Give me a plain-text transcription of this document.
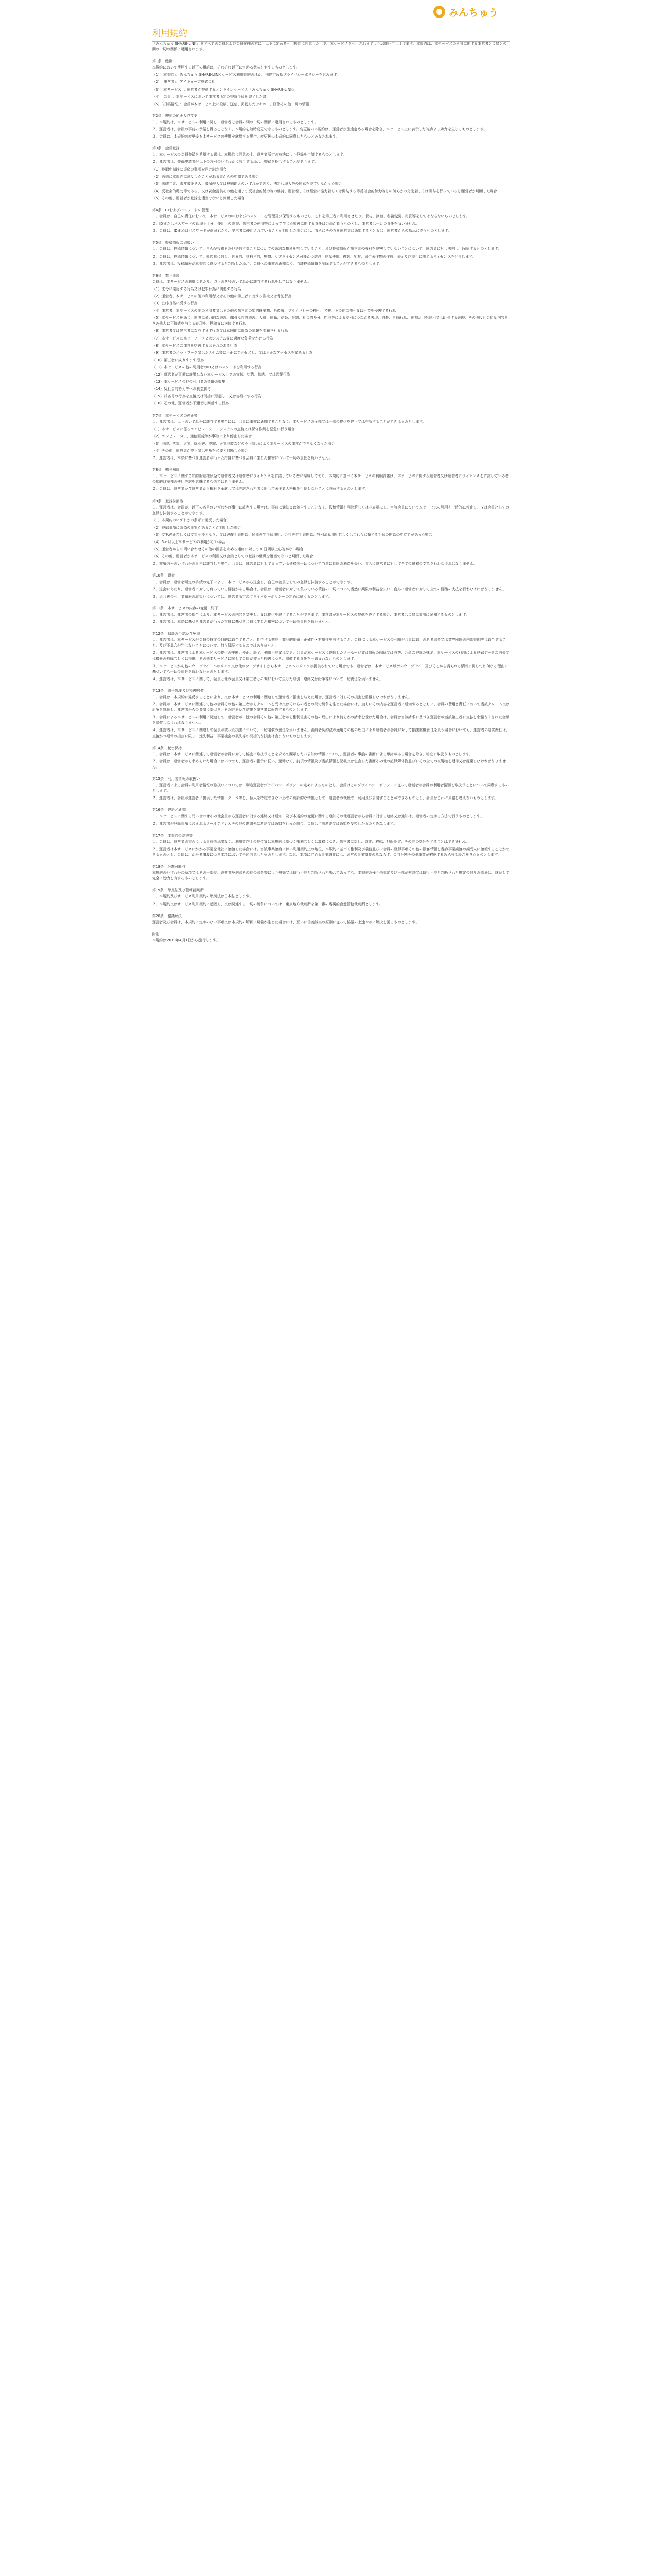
みんちゅう
利用規約

「みんちゅう SHARE-LINK」をすべての会員および会員候補の方に、以下に定める利用規約に同意した上で、本サービスを利用されますようお願い申し上げます。本規約は、本サービスの利用に関する運営者と会員との間の一切の関係に適用されます。

第1条　総則

本規約において使用する以下の用語は、それぞれ以下に定める意味を有するものとします。

（1）「本規約」：みんちゅう SHARE-LINK サービス利用規約のほか、別途定めるプライバシーポリシーを含みます。

（2）「運営者」：アイキューブ株式会社

（3）「本サービス」：運営者が提供するオンラインサービス「みんちゅう SHARE-LINK」

（4）「会員」：本サービスにおいて運営者所定の登録手続を完了した者

（5）「投稿情報」：会員が本サービス上に投稿、送信、掲載したテキスト、画像その他一切の情報

第2条　規約の範囲及び変更

１．本規約は、本サービスの利用に関し、運営者と会員の間の一切の関係に適用されるものとします。

２．運営者は、会員の事前の承諾を得ることなく、本規約を随時変更できるものとします。変更後の本規約は、運営者が別途定める場合を除き、本サービス上に表示した時点より効力を生じるものとします。

３．会員は、本規約の変更後も本サービスの使用を継続する場合、変更後の本規約に同意したものとみなされます。

第3条　会員登録

１．本サービスの会員登録を希望する者は、本規約に同意の上、運営者所定の方法により登録を申請するものとします。

２．運営者は、登録申請者が以下の各号のいずれかに該当する場合、登録を拒否することがあります。

（1）登録申請時に虚偽の事項を届け出た場合

（2）過去に本規約に違反したことがある者からの申請である場合

（3）未成年者、成年被後見人、被保佐人又は被補助人のいずれかであり、法定代理人等の同意を得ていなかった場合

（4）反社会的勢力等である、又は資金提供その他を通じて反社会的勢力等の維持、運営若しくは経営に協力若しくは関与する等反社会的勢力等との何らかの交流若しくは関与を行っていると運営者が判断した場合

（5）その他、運営者が登録を適当でないと判断した場合

第4条　IDおよびパスワードの管理

１．会員は、自己の責任において、本サービスのIDおよびパスワードを管理及び保管するものとし、これを第三者に利用させたり、貸与、譲渡、名義変更、売買等をしてはならないものとします。

２．IDまたはパスワードの管理不十分、使用上の過誤、第三者の使用等によって生じた損害に関する責任は会員が負うものとし、運営者は一切の責任を負いません。

３．会員は、IDまたはパスワードが盗まれたり、第三者に使用されていることが判明した場合には、直ちにその旨を運営者に通知するとともに、運営者からの指示に従うものとします。

第5条　投稿情報の取扱い

１．会員は、投稿情報について、自らが投稿その他送信することについての適法な権利を有していること、及び投稿情報が第三者の権利を侵害していないことについて、運営者に対し表明し、保証するものとします。

２．会員は、投稿情報について、運営者に対し、世界的、非独占的、無償、サブライセンス可能かつ譲渡可能な使用、複製、配布、派生著作物の作成、表示及び実行に関するライセンスを付与します。

３．運営者は、投稿情報が本規約に違反すると判断した場合、会員への事前の通知なく、当該投稿情報を削除することができるものとします。

第6条　禁止事項

会員は、本サービスの利用にあたり、以下の各号のいずれかに該当する行為をしてはなりません。

（1）法令に違反する行為又は犯罪行為に関連する行為

（2）運営者、本サービスの他の利用者又はその他の第三者に対する詐欺又は脅迫行為

（3）公序良俗に反する行為

（4）運営者、本サービスの他の利用者又はその他の第三者の知的財産権、肖像権、プライバシーの権利、名誉、その他の権利又は利益を侵害する行為

（5）本サービスを通じ、過度に暴力的な表現、露骨な性的表現、人種、国籍、信条、性別、社会的身分、門地等による差別につながる表現、自殺、自傷行為、薬物乱用を誘引又は助長する表現、その他反社会的な内容を含み他人に不快感を与える表現を、投稿又は送信する行為

（6）運営者又は第三者になりすます行為又は意図的に虚偽の情報を流布させる行為

（7）本サービスのネットワーク又はシステム等に過度な負荷をかける行為

（8）本サービスの運営を妨害するおそれのある行為

（9）運営者のネットワーク又はシステム等に不正にアクセスし、又は不正なアクセスを試みる行為

（10）第三者に成りすます行為

（11）本サービスの他の利用者のID又はパスワードを利用する行為

（12）運営者が事前に許諾しない本サービス上での宣伝、広告、勧誘、又は営業行為

（13）本サービスの他の利用者の情報の収集

（14）反社会的勢力等への利益供与

（15）前各号の行為を直接又は間接に惹起し、又は容易にする行為

（16）その他、運営者が不適切と判断する行為

第7条　本サービスの停止等

１．運営者は、以下のいずれかに該当する場合には、会員に事前に通知することなく、本サービスの全部又は一部の提供を停止又は中断することができるものとします。

（1）本サービスに係るコンピューター・システムの点検又は保守作業を緊急に行う場合

（2）コンピューター、通信回線等が事故により停止した場合

（3）地震、落雷、火災、風水害、停電、天災地変などの不可抗力により本サービスの運営ができなくなった場合

（4）その他、運営者が停止又は中断を必要と判断した場合

２．運営者は、本条に基づき運営者が行った措置に基づき会員に生じた損害について一切の責任を負いません。

第8条　権利帰属

１．本サービスに関する知的財産権は全て運営者又は運営者にライセンスを許諾している者に帰属しており、本規約に基づく本サービスの利用許諾は、本サービスに関する運営者又は運営者にライセンスを許諾している者の知的財産権の使用許諾を意味するものではありません。

２．会員は、運営者及び運営者から権利を承継し又は許諾された者に対して著作者人格権を行使しないことに同意するものとします。

第9条　登録抹消等

１．運営者は、会員が、以下の各号のいずれかの事由に該当する場合は、事前に通知又は催告することなく、投稿情報を削除若しくは非表示にし、当該会員について本サービスの利用を一時的に停止し、又は会員としての登録を抹消することができます。

（1）本規約のいずれかの条項に違反した場合

（2）登録事項に虚偽の事実があることが判明した場合

（3）支払停止若しくは支払不能となり、又は破産手続開始、民事再生手続開始、会社更生手続開始、特別清算開始若しくはこれらに類する手続の開始の申立てがあった場合

（4）6ヶ月以上本サービスの利用がない場合

（5）運営者からの問い合わせその他の回答を求める連絡に対して30日間以上応答がない場合

（6）その他、運営者が本サービスの利用又は会員としての登録の継続を適当でないと判断した場合

２．前項各号のいずれかの事由に該当した場合、会員は、運営者に対して負っている債務の一切について当然に期限の利益を失い、直ちに運営者に対して全ての債務の支払を行わなければなりません。

第10条　退会

１．会員は、運営者所定の手続の完了により、本サービスから退会し、自己の会員としての登録を抹消することができます。

２．退会にあたり、運営者に対して負っている債務がある場合は、会員は、運営者に対して負っている債務の一切について当然に期限の利益を失い、直ちに運営者に対して全ての債務の支払を行わなければなりません。

３．退会後の利用者情報の取扱いについては、運営者所定のプライバシーポリシーの定めに従うものとします。

第11条　本サービスの内容の変更、終了

１．運営者は、運営者の都合により、本サービスの内容を変更し、又は提供を終了することができます。運営者が本サービスの提供を終了する場合、運営者は会員に事前に通知するものとします。

２．運営者は、本条に基づき運営者が行った措置に基づき会員に生じた損害について一切の責任を負いません。

第12条　保証の否認及び免責

１．運営者は、本サービスが会員の特定の目的に適合すること、期待する機能・商品的価値・正確性・有用性を有すること、会員による本サービスの利用が会員に適用のある法令又は業界団体の内部規則等に適合すること、及び不具合が生じないことについて、何ら保証するものではありません。

２．運営者は、運営者による本サービスの提供の中断、停止、終了、利用不能又は変更、会員が本サービスに送信したメッセージ又は情報の削除又は消失、会員の登録の抹消、本サービスの利用による登録データの消失又は機器の故障若しくは損傷、その他本サービスに関して会員が被った損害につき、賠償する責任を一切負わないものとします。

３．本サービスから他のウェブサイトへのリンク又は他のウェブサイトから本サービスへのリンクが提供されている場合でも、運営者は、本サービス以外のウェブサイト及びそこから得られる情報に関して如何なる理由に基づいても一切の責任を負わないものとします。

４．運営者は、本サービスに関して、会員と他の会員又は第三者との間において生じた取引、連絡又は紛争等について一切責任を負いません。

第13条　紛争処理及び損害賠償

１．会員は、本規約に違反することにより、又は本サービスの利用に関連して運営者に損害を与えた場合、運営者に対しその損害を賠償しなければなりません。

２．会員が、本サービスに関連して他の会員その他の第三者からクレームを受け又はそれらの者との間で紛争を生じた場合には、直ちにその内容を運営者に通知するとともに、会員の費用と責任において当該クレーム又は紛争を処理し、運営者からの要請に基づき、その経過及び結果を運営者に報告するものとします。

３．会員による本サービスの利用に関連して、運営者が、他の会員その他の第三者から権利侵害その他の理由により何らかの請求を受けた場合は、会員は当該請求に基づき運営者が当該第三者に支払を余儀なくされた金額を賠償しなければなりません。

４．運営者は、本サービスに関連して会員が被った損害について、一切賠償の責任を負いません。消費者契約法の適用その他の理由により運営者が会員に対して損害賠償責任を負う場合においても、運営者の賠償責任は、直接かつ通常の損害に限り、逸失利益、事業機会の喪失等の間接的な損害は含まないものとします。

第14条　秘密保持

１．会員は、本サービスに関連して運営者が会員に対して秘密に取扱うことを求めて開示した非公知の情報について、運営者の事前の書面による承諾がある場合を除き、秘密に取扱うものとします。

２．会員は、運営者から求められた場合にはいつでも、運営者の指示に従い、遅滞なく、前項の情報及び当該情報を記載又は包含した書面その他の記録媒体物並びにその全ての複製物を返却又は廃棄しなければなりません。

第15条　利用者情報の取扱い

１．運営者による会員の利用者情報の取扱いについては、別途運営者プライバシーポリシーの定めによるものとし、会員はこのプライバシーポリシーに従って運営者が会員の利用者情報を取扱うことについて同意するものとします。

２．運営者は、会員が運営者に提供した情報、データ等を、個人を特定できない形での統計的な情報として、運営者の裁量で、利用及び公開することができるものとし、会員はこれに異議を唱えないものとします。

第16条　連絡／通知

１．本サービスに関する問い合わせその他会員から運営者に対する連絡又は通知、及び本規約の変更に関する通知その他運営者から会員に対する連絡又は通知は、運営者の定める方法で行うものとします。

２．運営者が登録事項に含まれるメールアドレスその他の連絡先に連絡又は通知を行った場合、会員は当該連絡又は通知を受領したものとみなします。

第17条　本規約の譲渡等

１．会員は、運営者の書面による事前の承諾なく、利用契約上の地位又は本規約に基づく権利若しくは義務につき、第三者に対し、譲渡、移転、担保設定、その他の処分をすることはできません。

２．運営者は本サービスにかかる事業を他社に譲渡した場合には、当該事業譲渡に伴い利用契約上の地位、本規約に基づく権利及び義務並びに会員の登録事項その他の顧客情報を当該事業譲渡の譲受人に譲渡することができるものとし、会員は、かかる譲渡につき本項において予め同意したものとします。なお、本項に定める事業譲渡には、通常の事業譲渡のみならず、会社分割その他事業が移転するあらゆる場合を含むものとします。

第18条　分離可能性

本規約のいずれかの条項又はその一部が、消費者契約法その他の法令等により無効又は執行不能と判断された場合であっても、本規約の残りの規定及び一部が無効又は執行不能と判断された規定の残りの部分は、継続して完全に効力を有するものとします。

第19条　準拠法及び管轄裁判所

１．本規約及びサービス利用契約の準拠法は日本法とします。

２．本規約又はサービス利用契約に起因し、又は関連する一切の紛争については、東京地方裁判所を第一審の専属的合意管轄裁判所とします。

第20条　協議解決

運営者及び会員は、本規約に定めのない事項又は本規約の解釈に疑義が生じた場合には、互いに信義誠実の原則に従って協議の上速やかに解決を図るものとします。

附則

本規約は2019年4月1日から施行します。
